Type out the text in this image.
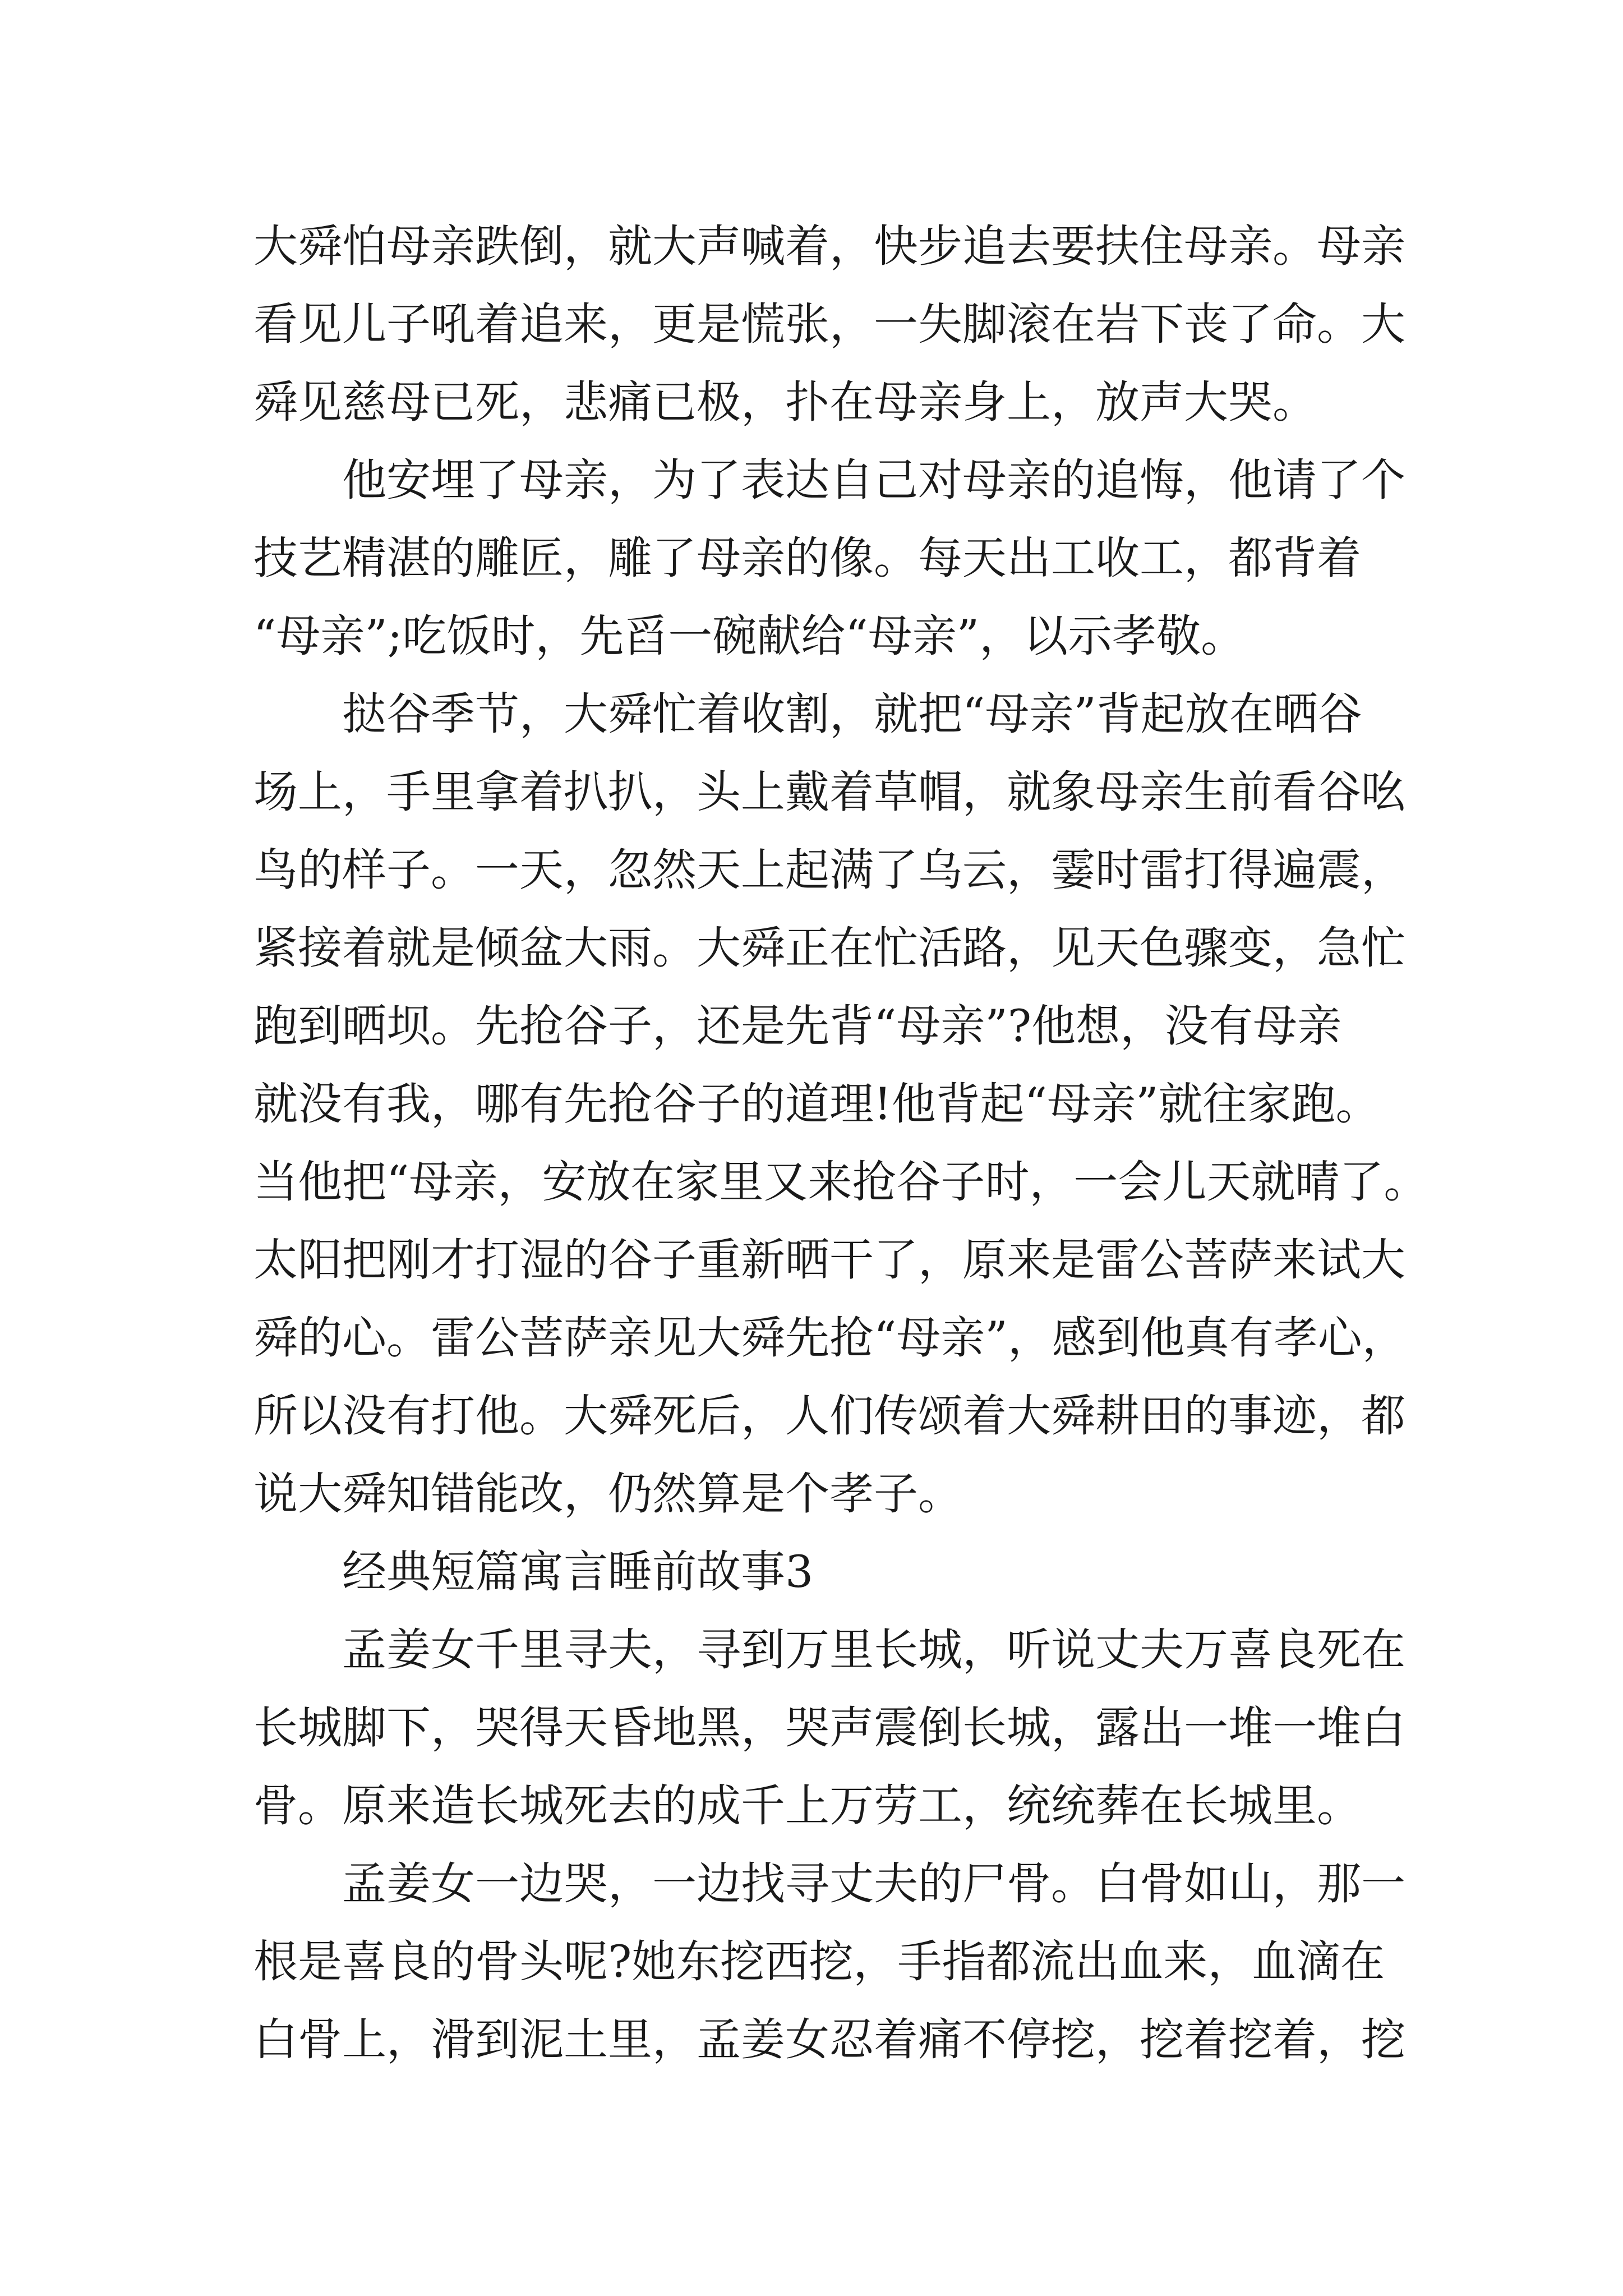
大舜怕母亲跌倒，就大声喊着，快步追去要扶住母亲。母亲

看见儿子吼着追来，更是慌张，一失脚滚在岩下丧了命。大

舜见慈母已死，悲痛已极，扑在母亲身上，放声大哭。

他安埋了母亲，为了表达自己对母亲的追悔，他请了个

技艺精湛的雕匠，雕了母亲的像。每天出工收工，都背着

“母亲”;吃饭时，先舀一碗献给“母亲”，以示孝敬。

挞谷季节，大舜忙着收割，就把“母亲”背起放在晒谷

场上，手里拿着扒扒，头上戴着草帽，就象母亲生前看谷吆

鸟的样子。一天，忽然天上起满了乌云，霎时雷打得遍震，

紧接着就是倾盆大雨。大舜正在忙活路，见天色骤变，急忙

跑到晒坝。先抢谷子，还是先背“母亲”?他想，没有母亲

就没有我，哪有先抢谷子的道理!他背起“母亲”就往家跑。

当他把“母亲，安放在家里又来抢谷子时，一会儿天就晴了。

太阳把刚才打湿的谷子重新晒干了，原来是雷公菩萨来试大

舜的心。雷公菩萨亲见大舜先抢“母亲”，感到他真有孝心，

所以没有打他。大舜死后，人们传颂着大舜耕田的事迹，都

说大舜知错能改，仍然算是个孝子。

经典短篇寓言睡前故事3

孟姜女千里寻夫，寻到万里长城，听说丈夫万喜良死在

长城脚下，哭得天昏地黑，哭声震倒长城，露出一堆一堆白

骨。原来造长城死去的成千上万劳工，统统葬在长城里。

孟姜女一边哭，一边找寻丈夫的尸骨。白骨如山，那一

根是喜良的骨头呢?她东挖西挖，手指都流出血来，血滴在

白骨上，滑到泥土里，孟姜女忍着痛不停挖，挖着挖着，挖
